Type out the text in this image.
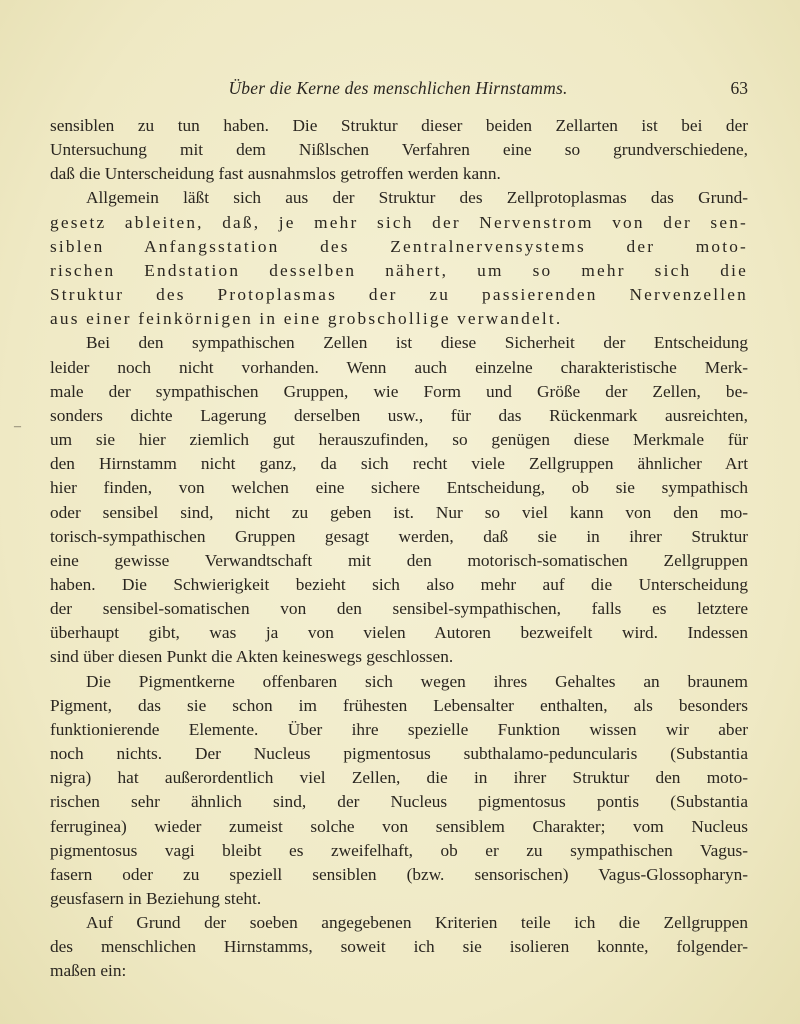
Über die Kerne des menschlichen Hirnstamms.	63
–
sensiblen zu tun haben. Die Struktur dieser beiden Zellarten ist bei der
Untersuchung mit dem Nißlschen Verfahren eine so grundverschiedene,
daß die Unterscheidung fast ausnahmslos getroffen werden kann.
Allgemein läßt sich aus der Struktur des Zellprotoplasmas das Grund-
gesetz ableiten, daß, je mehr sich der Nervenstrom von der sen-
siblen Anfangsstation des Zentralnervensystems der moto-
rischen Endstation desselben nähert, um so mehr sich die
Struktur des Protoplasmas der zu passierenden Nervenzellen
aus einer feinkörnigen in eine grobschollige verwandelt.
Bei den sympathischen Zellen ist diese Sicherheit der Entscheidung
leider noch nicht vorhanden. Wenn auch einzelne charakteristische Merk-
male der sympathischen Gruppen, wie Form und Größe der Zellen, be-
sonders dichte Lagerung derselben usw., für das Rückenmark ausreichten,
um sie hier ziemlich gut herauszufinden, so genügen diese Merkmale für
den Hirnstamm nicht ganz, da sich recht viele Zellgruppen ähnlicher Art
hier finden, von welchen eine sichere Entscheidung, ob sie sympathisch
oder sensibel sind, nicht zu geben ist. Nur so viel kann von den mo-
torisch-sympathischen Gruppen gesagt werden, daß sie in ihrer Struktur
eine gewisse Verwandtschaft mit den motorisch-somatischen Zellgruppen
haben. Die Schwierigkeit bezieht sich also mehr auf die Unterscheidung
der sensibel-somatischen von den sensibel-sympathischen, falls es letztere
überhaupt gibt, was ja von vielen Autoren bezweifelt wird. Indessen
sind über diesen Punkt die Akten keineswegs geschlossen.
Die Pigmentkerne offenbaren sich wegen ihres Gehaltes an braunem
Pigment, das sie schon im frühesten Lebensalter enthalten, als besonders
funktionierende Elemente. Über ihre spezielle Funktion wissen wir aber
noch nichts. Der Nucleus pigmentosus subthalamo-peduncularis (Substantia
nigra) hat außerordentlich viel Zellen, die in ihrer Struktur den moto-
rischen sehr ähnlich sind, der Nucleus pigmentosus pontis (Substantia
ferruginea) wieder zumeist solche von sensiblem Charakter; vom Nucleus
pigmentosus vagi bleibt es zweifelhaft, ob er zu sympathischen Vagus-
fasern oder zu speziell sensiblen (bzw. sensorischen) Vagus-Glossopharyn-
geusfasern in Beziehung steht.
Auf Grund der soeben angegebenen Kriterien teile ich die Zellgruppen
des menschlichen Hirnstamms, soweit ich sie isolieren konnte, folgender-
maßen ein:
